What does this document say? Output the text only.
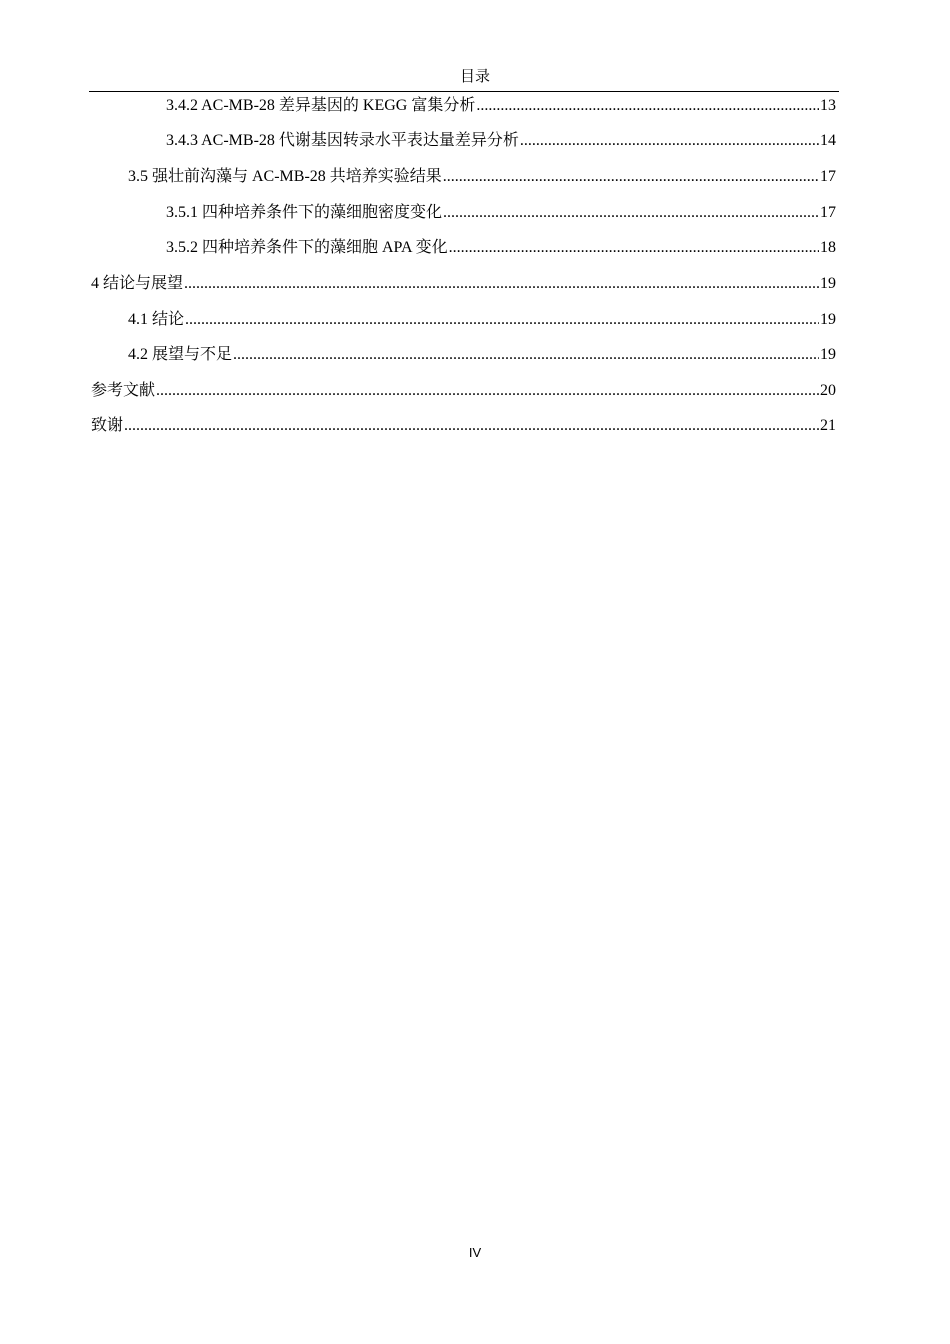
目录
3.4.2 AC-MB-28 差异基因的 KEGG 富集分析 .....	13
3.4.3 AC-MB-28 代谢基因转录水平表达量差异分析 .....	14
3.5 强壮前沟藻与 AC-MB-28 共培养实验结果 .....	17
3.5.1 四种培养条件下的藻细胞密度变化 .....	17
3.5.2 四种培养条件下的藻细胞 APA 变化 .....	18
4 结论与展望 .....	19
4.1 结论 .....	19
4.2 展望与不足 .....	19
参考文献 .....	20
致谢 .....	21
IV
